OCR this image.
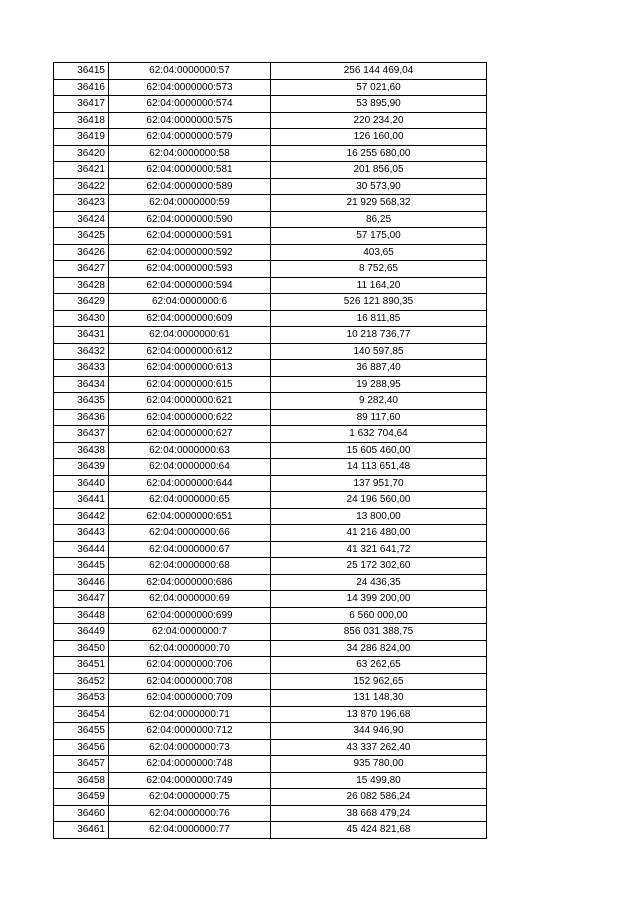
36415	62:04:0000000:57	256 144 469,04
36416	62:04:0000000:573	57 021,60
36417	62:04:0000000:574	53 895,90
36418	62:04:0000000:575	220 234,20
36419	62:04:0000000:579	126 160,00
36420	62:04:0000000:58	16 255 680,00
36421	62:04:0000000:581	201 856,05
36422	62:04:0000000:589	30 573,90
36423	62:04:0000000:59	21 929 568,32
36424	62:04:0000000:590	86,25
36425	62:04:0000000:591	57 175,00
36426	62:04:0000000:592	403,65
36427	62:04:0000000:593	8 752,65
36428	62:04:0000000:594	11 164,20
36429	62:04:0000000:6	526 121 890,35
36430	62:04:0000000:609	16 811,85
36431	62:04:0000000:61	10 218 736,77
36432	62:04:0000000:612	140 597,85
36433	62:04:0000000:613	36 887,40
36434	62:04:0000000:615	19 288,95
36435	62:04:0000000:621	9 282,40
36436	62:04:0000000:622	89 117,60
36437	62:04:0000000:627	1 632 704,64
36438	62:04:0000000:63	15 605 460,00
36439	62:04:0000000:64	14 113 651,48
36440	62:04:0000000:644	137 951,70
36441	62:04:0000000:65	24 196 560,00
36442	62:04:0000000:651	13 800,00
36443	62:04:0000000:66	41 216 480,00
36444	62:04:0000000:67	41 321 641,72
36445	62:04:0000000:68	25 172 302,60
36446	62:04:0000000:686	24 436,35
36447	62:04:0000000:69	14 399 200,00
36448	62:04:0000000:699	6 560 000,00
36449	62:04:0000000:7	856 031 388,75
36450	62:04:0000000:70	34 286 824,00
36451	62:04:0000000:706	63 262,65
36452	62:04:0000000:708	152 962,65
36453	62:04:0000000:709	131 148,30
36454	62:04:0000000:71	13 870 196,68
36455	62:04:0000000:712	344 946,90
36456	62:04:0000000:73	43 337 262,40
36457	62:04:0000000:748	935 780,00
36458	62:04:0000000:749	15 499,80
36459	62:04:0000000:75	26 082 586,24
36460	62:04:0000000:76	38 668 479,24
36461	62:04:0000000:77	45 424 821,68
